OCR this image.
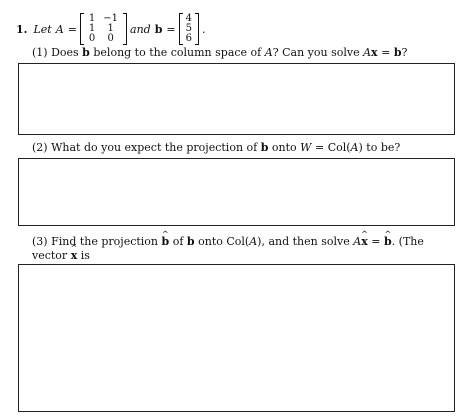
1. Let A =
1	−1
1	1
0	0
and b =
4
5
6
.
(1) Does b belong to the column space of A? Can you solve Ax = b?
(2) What do you expect the projection of b onto W = Col(A) to be?
(3) Find the projection ^ b of b onto Col(A), and then solve A^ x = ^ b. (The vector ^ x is
